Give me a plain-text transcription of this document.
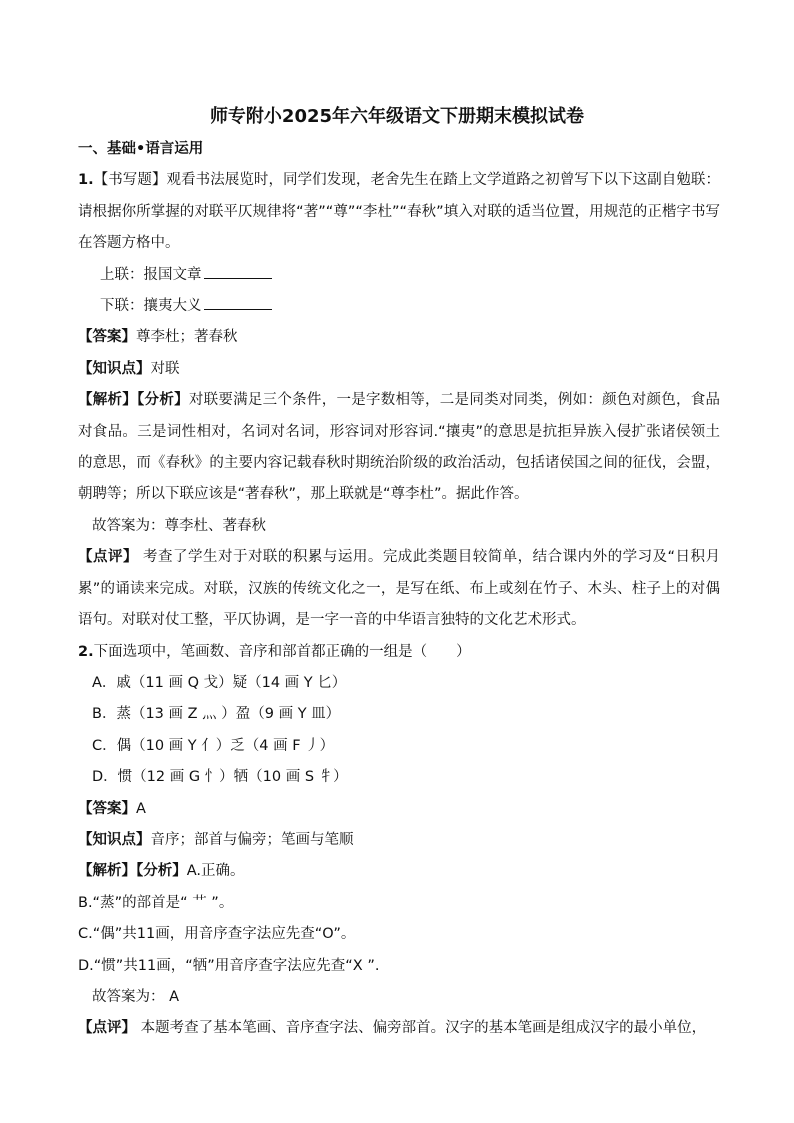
师专附小2025年六年级语文下册期末模拟试卷

一、基础•语言运用

1.【书写题】观看书法展览时，同学们发现，老舍先生在踏上文学道路之初曾写下以下这副自勉联：请根据你所掌握的对联平仄规律将“著”“尊”“李杜”“春秋”填入对联的适当位置，用规范的正楷字书写在答题方格中。

上联：报国文章

下联：攘夷大义

【答案】尊李杜；著春秋

【知识点】对联

【解析】【分析】对联要满足三个条件，一是字数相等，二是同类对同类，例如：颜色对颜色，食品对食品。三是词性相对，名词对名词，形容词对形容词.“攘夷”的意思是抗拒异族入侵扩张诸侯领土的意思，而《春秋》的主要内容记载春秋时期统治阶级的政治活动，包括诸侯国之间的征伐，会盟，朝聘等；所以下联应该是“著春秋”，那上联就是“尊李杜”。据此作答。

故答案为：尊李杜、著春秋

【点评】 考查了学生对于对联的积累与运用。完成此类题目较简单，结合课内外的学习及“日积月累”的诵读来完成。对联，汉族的传统文化之一，是写在纸、布上或刻在竹子、木头、柱子上的对偶语句。对联对仗工整，平仄协调，是一字一音的中华语言独特的文化艺术形式。

2.下面选项中，笔画数、音序和部首都正确的一组是（　　）

A．戚（11 画 Q 戈）疑（14 画 Y 匕）

B．蒸（13 画 Z 灬 ）盈（9 画 Y 皿）

C．偶（10 画 Y 亻）乏（4 画 F 丿）

D．惯（12 画 G 忄）牺（10 画 S 牜）

【答案】A

【知识点】音序；部首与偏旁；笔画与笔顺

【解析】【分析】A.正确。

B.“蒸”的部首是“ 艹 ”。

C.“偶”共11画，用音序查字法应先查“O”。

D.“惯”共11画，“牺”用音序查字法应先查“X ”.

故答案为： A

【点评】 本题考查了基本笔画、音序查字法、偏旁部首。汉字的基本笔画是组成汉字的最小单位，
